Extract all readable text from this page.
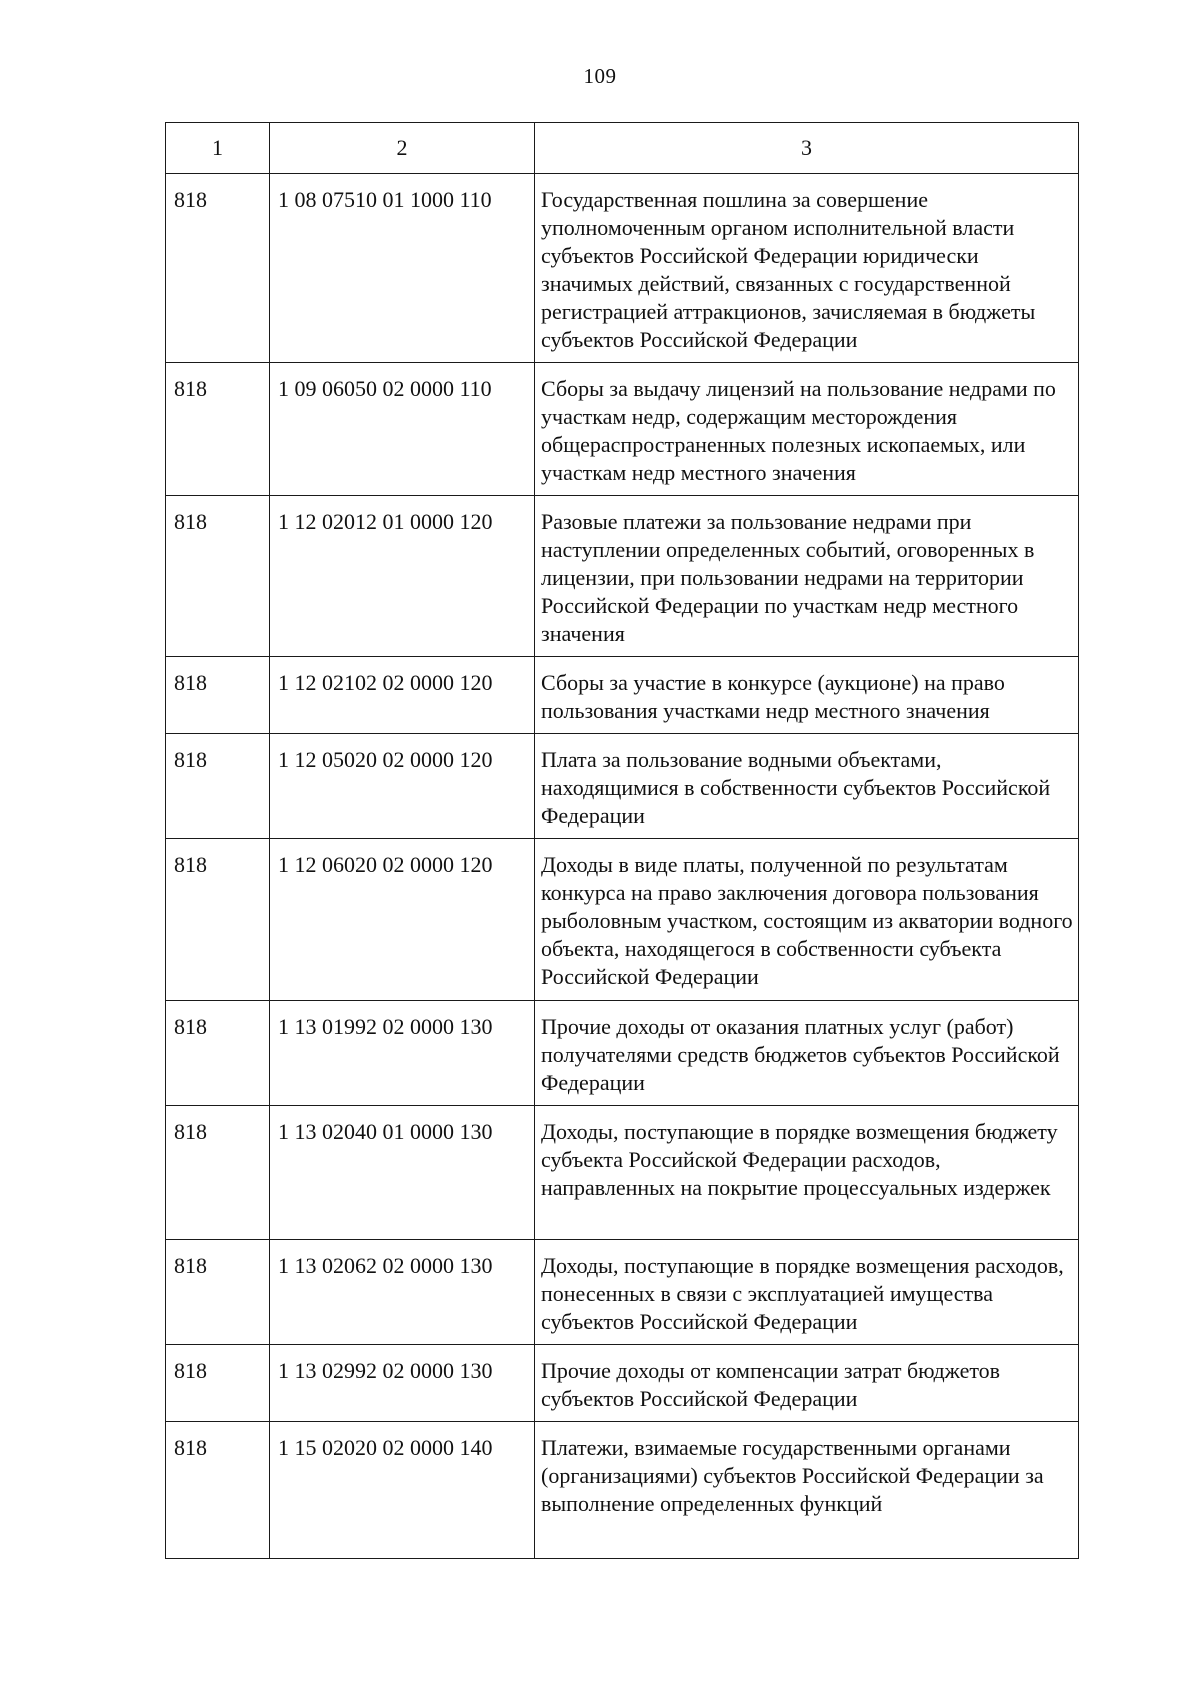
109
1	2	3
818	1 08 07510 01 1000 110	Государственная пошлина за совершение уполномоченным органом исполнительной власти субъектов Российской Федерации юридически значимых действий, связанных с государственной регистрацией аттракционов, зачисляемая в бюджеты субъектов Российской Федерации
818	1 09 06050 02 0000 110	Сборы за выдачу лицензий на пользование недрами по участкам недр, содержащим месторождения общераспространенных полезных ископаемых, или участкам недр местного значения
818	1 12 02012 01 0000 120	Разовые платежи за пользование недрами при наступлении определенных событий, оговоренных в лицензии, при пользовании недрами на территории Российской Федерации по участкам недр местного значения
818	1 12 02102 02 0000 120	Сборы за участие в конкурсе (аукционе) на право пользования участками недр местного значения
818	1 12 05020 02 0000 120	Плата за пользование водными объектами, находящимися в собственности субъектов Российской Федерации
818	1 12 06020 02 0000 120	Доходы в виде платы, полученной по результатам конкурса на право заключения договора пользования рыболовным участком, состоящим из акватории водного объекта, находящегося в собственности субъекта Российской Федерации
818	1 13 01992 02 0000 130	Прочие доходы от оказания платных услуг (работ) получателями средств бюджетов субъектов Российской Федерации
818	1 13 02040 01 0000 130	Доходы, поступающие в порядке возмещения бюджету субъекта Российской Федерации расходов, направленных на покрытие процессуальных издержек
818	1 13 02062 02 0000 130	Доходы, поступающие в порядке возмещения расходов, понесенных в связи с эксплуатацией имущества субъектов Российской Федерации
818	1 13 02992 02 0000 130	Прочие доходы от компенсации затрат бюджетов субъектов Российской Федерации
818	1 15 02020 02 0000 140	Платежи, взимаемые государственными органами (организациями) субъектов Российской Федерации за выполнение определенных функций
